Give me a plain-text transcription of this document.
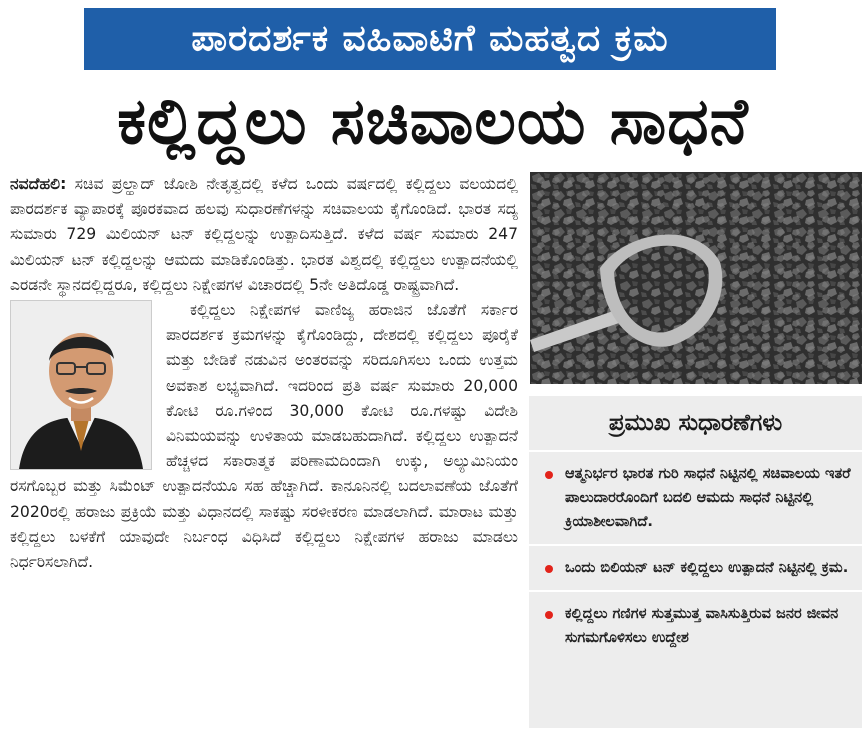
ಪಾರದರ್ಶಕ ವಹಿವಾಟಿಗೆ ಮಹತ್ವದ ಕ್ರಮ
ಕಲ್ಲಿದ್ದಲು ಸಚಿವಾಲಯ ಸಾಧನೆ

ನವದೆಹಲಿ: ಸಚಿವ ಪ್ರಲ್ಹಾದ್ ಜೋಶಿ ನೇತೃತ್ವದಲ್ಲಿ ಕಳೆದ ಒಂದು ವರ್ಷದಲ್ಲಿ ಕಲ್ಲಿದ್ದಲು ವಲಯದಲ್ಲಿ ಪಾರದರ್ಶಕ ವ್ಯಾಪಾರಕ್ಕೆ ಪೂರಕವಾದ ಹಲವು ಸುಧಾರಣೆಗಳನ್ನು ಸಚಿವಾಲಯ ಕೈಗೊಂಡಿದೆ. ಭಾರತ ಸದ್ಯ ಸುಮಾರು 729 ಮಿಲಿಯನ್ ಟನ್ ಕಲ್ಲಿದ್ದಲನ್ನು ಉತ್ಪಾದಿಸುತ್ತಿದೆ. ಕಳೆದ ವರ್ಷ ಸುಮಾರು 247 ಮಿಲಿಯನ್ ಟನ್ ಕಲ್ಲಿದ್ದಲನ್ನು ಆಮದು ಮಾಡಿಕೊಂಡಿತ್ತು. ಭಾರತ ವಿಶ್ವದಲ್ಲಿ ಕಲ್ಲಿದ್ದಲು ಉತ್ಪಾದನೆಯಲ್ಲಿ ಎರಡನೇ ಸ್ಥಾನದಲ್ಲಿದ್ದರೂ, ಕಲ್ಲಿದ್ದಲು ನಿಕ್ಷೇಪಗಳ ವಿಚಾರದಲ್ಲಿ 5ನೇ ಅತಿದೊಡ್ಡ ರಾಷ್ಟ್ರವಾಗಿದೆ.

ಕಲ್ಲಿದ್ದಲು ನಿಕ್ಷೇಪಗಳ ವಾಣಿಜ್ಯ ಹರಾಜಿನ ಜೊತೆಗೆ ಸರ್ಕಾರ ಪಾರದರ್ಶಕ ಕ್ರಮಗಳನ್ನು ಕೈಗೊಂಡಿದ್ದು, ದೇಶದಲ್ಲಿ ಕಲ್ಲಿದ್ದಲು ಪೂರೈಕೆ ಮತ್ತು ಬೇಡಿಕೆ ನಡುವಿನ ಅಂತರವನ್ನು ಸರಿದೂಗಿಸಲು ಒಂದು ಉತ್ತಮ ಅವಕಾಶ ಲಭ್ಯವಾಗಿದೆ. ಇದರಿಂದ ಪ್ರತಿ ವರ್ಷ ಸುಮಾರು 20,000 ಕೋಟಿ ರೂ.ಗಳಿಂದ 30,000 ಕೋಟಿ ರೂ.ಗಳಷ್ಟು ವಿದೇಶಿ ವಿನಿಮಯವನ್ನು ಉಳಿತಾಯ ಮಾಡಬಹುದಾಗಿದೆ. ಕಲ್ಲಿದ್ದಲು ಉತ್ಪಾದನೆ ಹೆಚ್ಚಳದ ಸಕಾರಾತ್ಮಕ ಪರಿಣಾಮದಿಂದಾಗಿ ಉಕ್ಕು, ಅಲ್ಯುಮಿನಿಯಂ ರಸಗೊಬ್ಬರ ಮತ್ತು ಸಿಮೆಂಟ್ ಉತ್ಪಾದನೆಯೂ ಸಹ ಹೆಚ್ಚಾಗಿದೆ. ಕಾನೂನಿನಲ್ಲಿ ಬದಲಾವಣೆಯ ಜೊತೆಗೆ 2020ರಲ್ಲಿ ಹರಾಜು ಪ್ರಕ್ರಿಯೆ ಮತ್ತು ವಿಧಾನದಲ್ಲಿ ಸಾಕಷ್ಟು ಸರಳೀಕರಣ ಮಾಡಲಾಗಿದೆ. ಮಾರಾಟ ಮತ್ತು ಕಲ್ಲಿದ್ದಲು ಬಳಕೆಗೆ ಯಾವುದೇ ನಿರ್ಬಂಧ ವಿಧಿಸಿದೆ ಕಲ್ಲಿದ್ದಲು ನಿಕ್ಷೇಪಗಳ ಹರಾಜು ಮಾಡಲು ನಿರ್ಧರಿಸಲಾಗಿದೆ.

ಪ್ರಮುಖ ಸುಧಾರಣೆಗಳು
ಆತ್ಮನಿರ್ಭರ ಭಾರತ ಗುರಿ ಸಾಧನೆ ನಿಟ್ಟಿನಲ್ಲಿ ಸಚಿವಾಲಯ ಇತರೆ ಪಾಲುದಾರರೊಂದಿಗೆ ಬದಲಿ ಆಮದು ಸಾಧನೆ ನಿಟ್ಟಿನಲ್ಲಿ ಕ್ರಿಯಾಶೀಲವಾಗಿದೆ.
ಒಂದು ಬಿಲಿಯನ್ ಟನ್ ಕಲ್ಲಿದ್ದಲು ಉತ್ಪಾದನೆ ನಿಟ್ಟಿನಲ್ಲಿ ಕ್ರಮ.
ಕಲ್ಲಿದ್ದಲು ಗಣಿಗಳ ಸುತ್ತಮುತ್ತ ವಾಸಿಸುತ್ತಿರುವ ಜನರ ಜೀವನ ಸುಗಮಗೊಳಿಸಲು ಉದ್ದೇಶ
